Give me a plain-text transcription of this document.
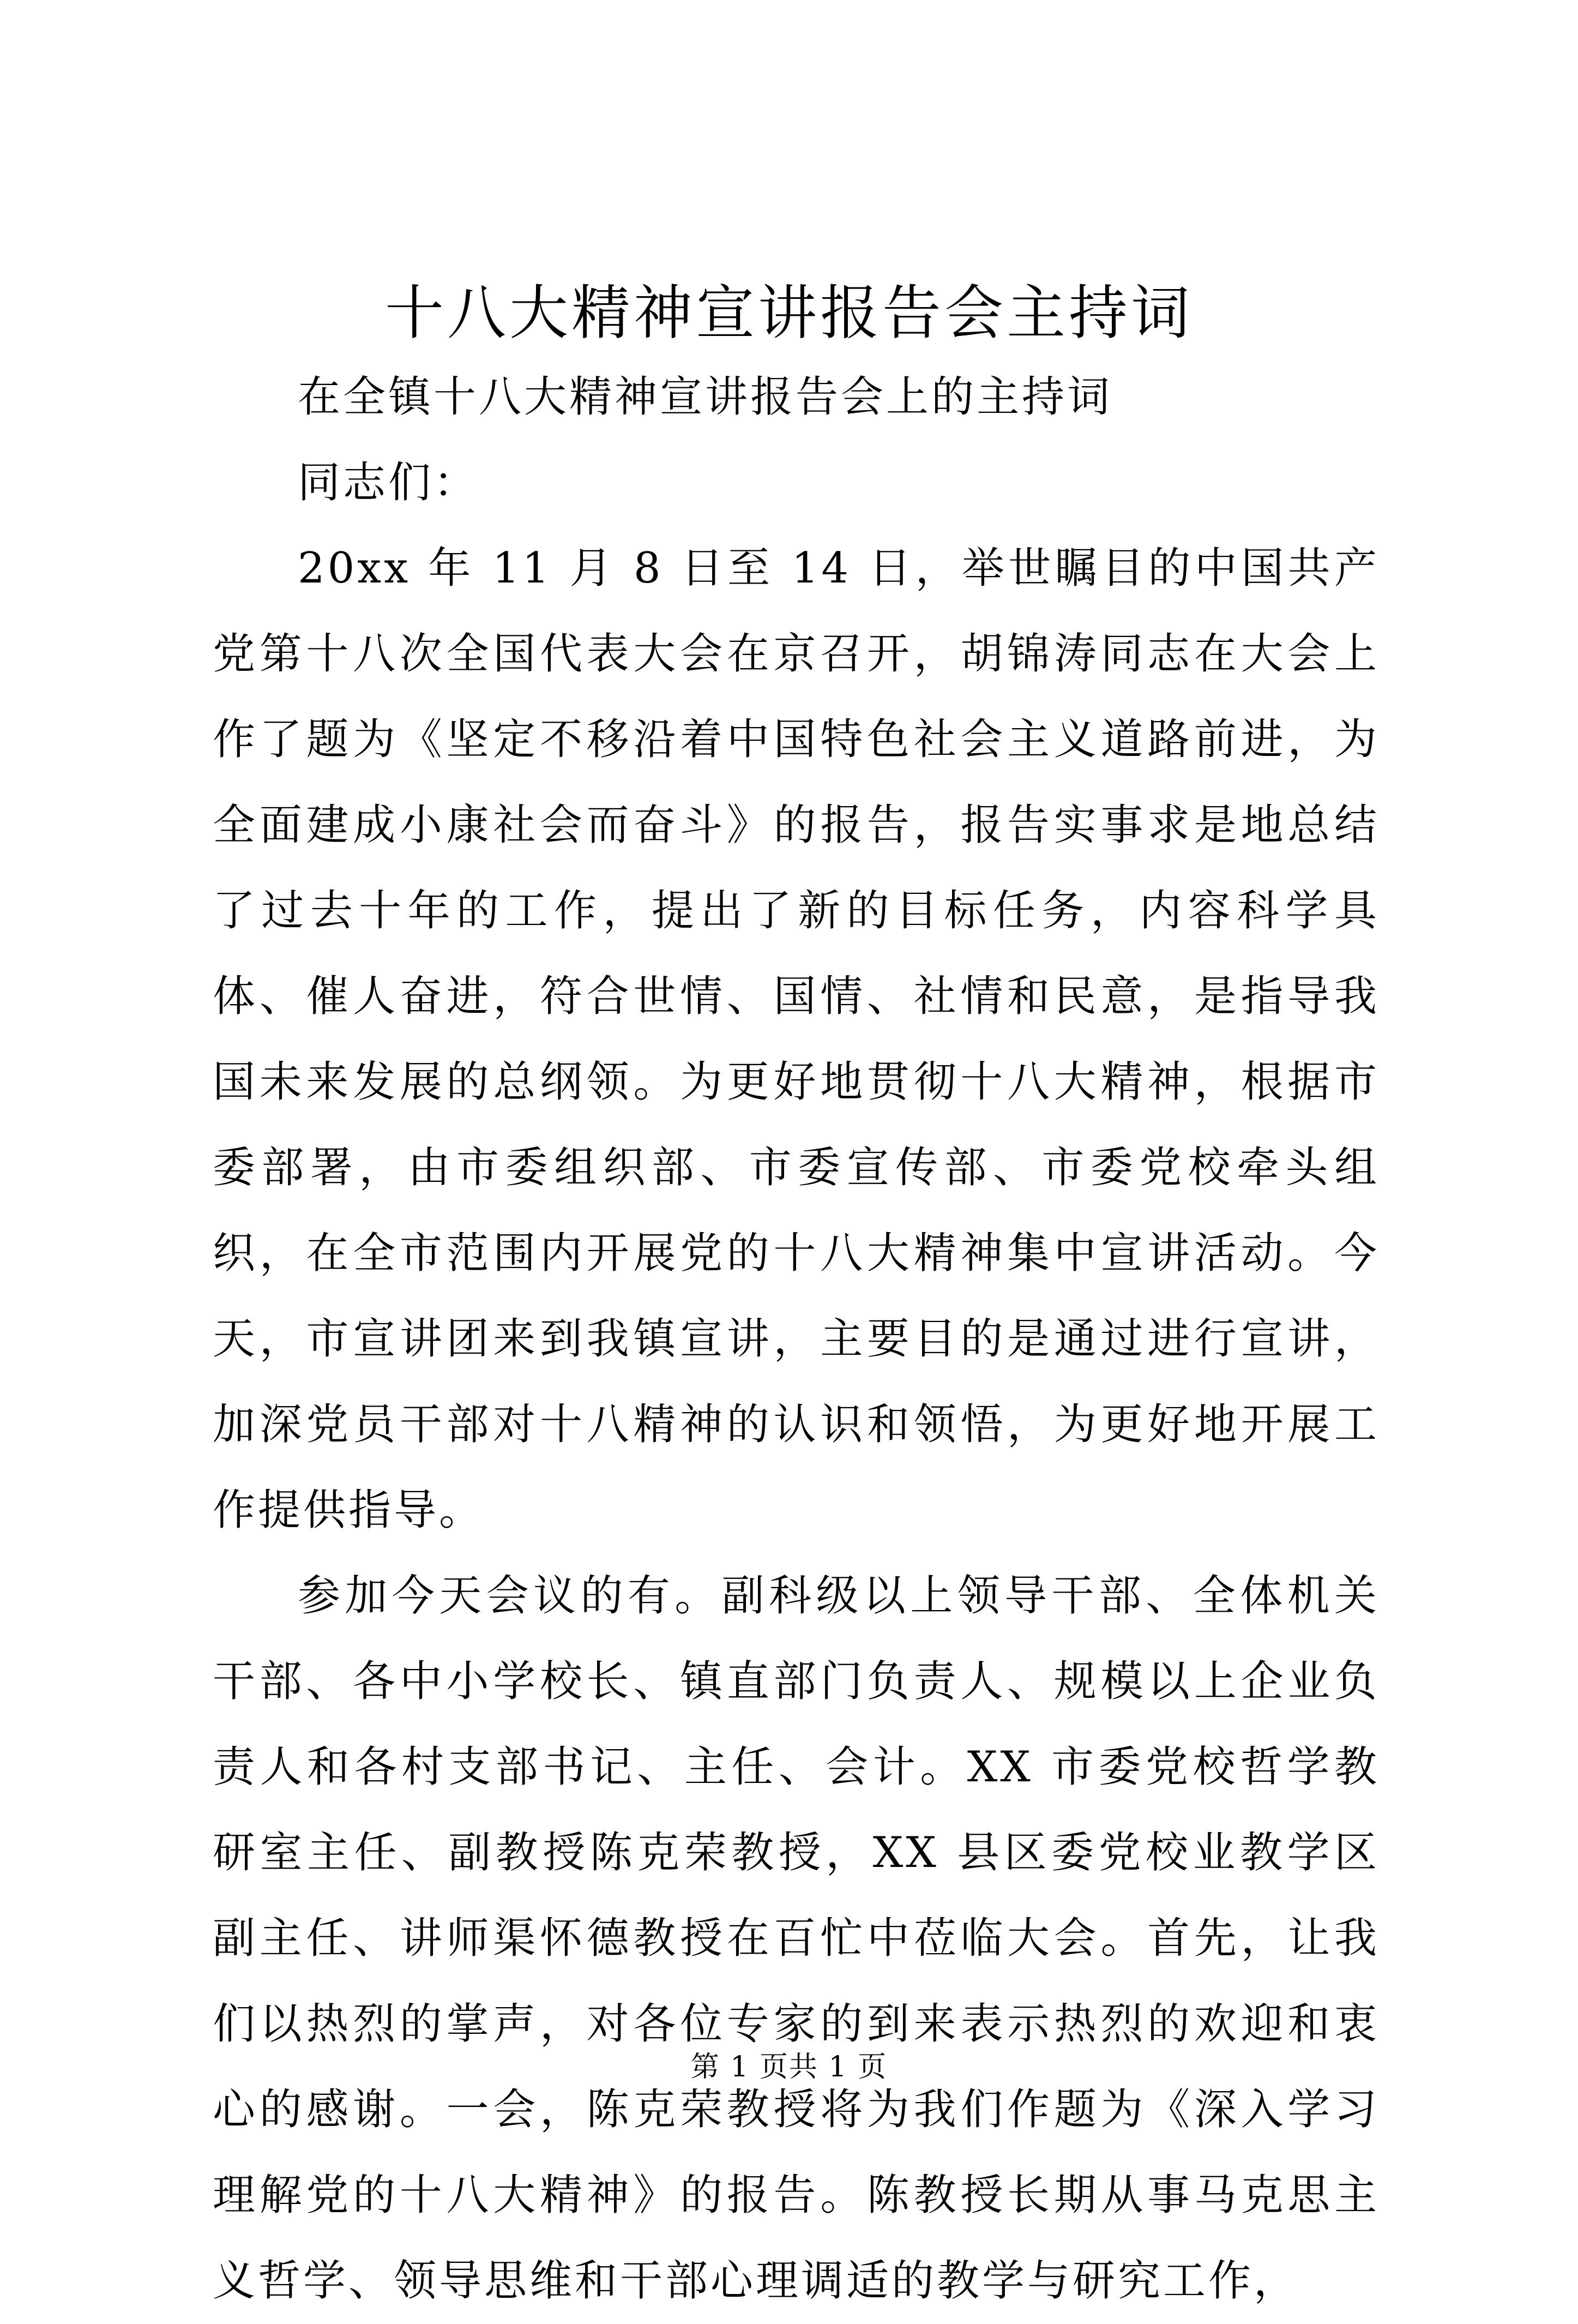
十八大精神宣讲报告会主持词

在全镇十八大精神宣讲报告会上的主持词

同志们：

20xx 年 11 月 8 日至 14 日，举世瞩目的中国共产党第十八次全国代表大会在京召开，胡锦涛同志在大会上作了题为《坚定不移沿着中国特色社会主义道路前进，为全面建成小康社会而奋斗》的报告，报告实事求是地总结了过去十年的工作，提出了新的目标任务，内容科学具体、催人奋进，符合世情、国情、社情和民意，是指导我国未来发展的总纲领。为更好地贯彻十八大精神，根据市委部署，由市委组织部、市委宣传部、市委党校牵头组织，在全市范围内开展党的十八大精神集中宣讲活动。今天，市宣讲团来到我镇宣讲，主要目的是通过进行宣讲，加深党员干部对十八精神的认识和领悟，为更好地开展工作提供指导。

参加今天会议的有。副科级以上领导干部、全体机关干部、各中小学校长、镇直部门负责人、规模以上企业负责人和各村支部书记、主任、会计。XX 市委党校哲学教研室主任、副教授陈克荣教授，XX 县区委党校业教学区副主任、讲师渠怀德教授在百忙中莅临大会。首先，让我们以热烈的掌声，对各位专家的到来表示热烈的欢迎和衷心的感谢。一会，陈克荣教授将为我们作题为《深入学习理解党的十八大精神》的报告。陈教授长期从事马克思主义哲学、领导思维和干部心理调适的教学与研究工作，

第 1 页共 1 页
